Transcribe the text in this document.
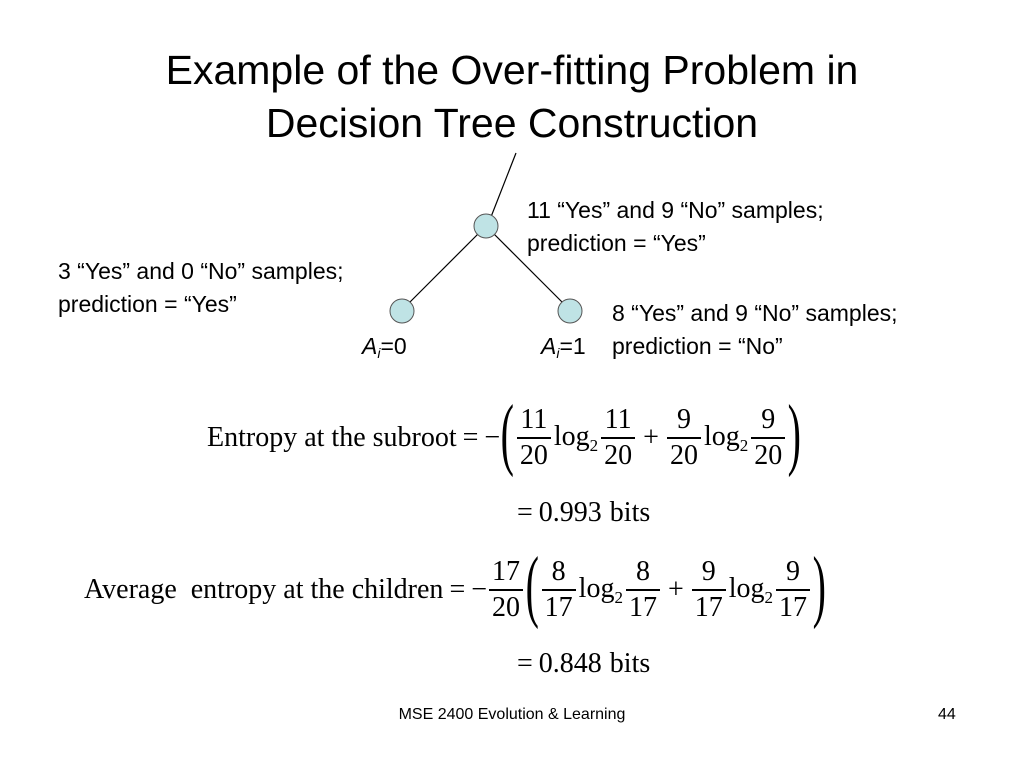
Example of the Over-fitting Problem in
Decision Tree Construction
11 “Yes” and 9 “No” samples;
prediction = “Yes”
3 “Yes” and 0 “No” samples;
prediction = “Yes”	8 “Yes” and 9 “No” samples;
prediction = “No”
$A_i=0$	$A_i=1$
Entropy at the subroot = − ( $\frac{11}{20} \log_2 \frac{11}{20} + \frac{9}{20} \log_2 \frac{9}{20}$ )
= 0.993 bits
Average  entropy at the children = − $\frac{17}{20}$ ( $\frac{8}{17} \log_2 \frac{8}{17} + \frac{9}{17} \log_2 \frac{9}{17}$ )
= 0.848 bits
MSE 2400 Evolution & Learning	44
